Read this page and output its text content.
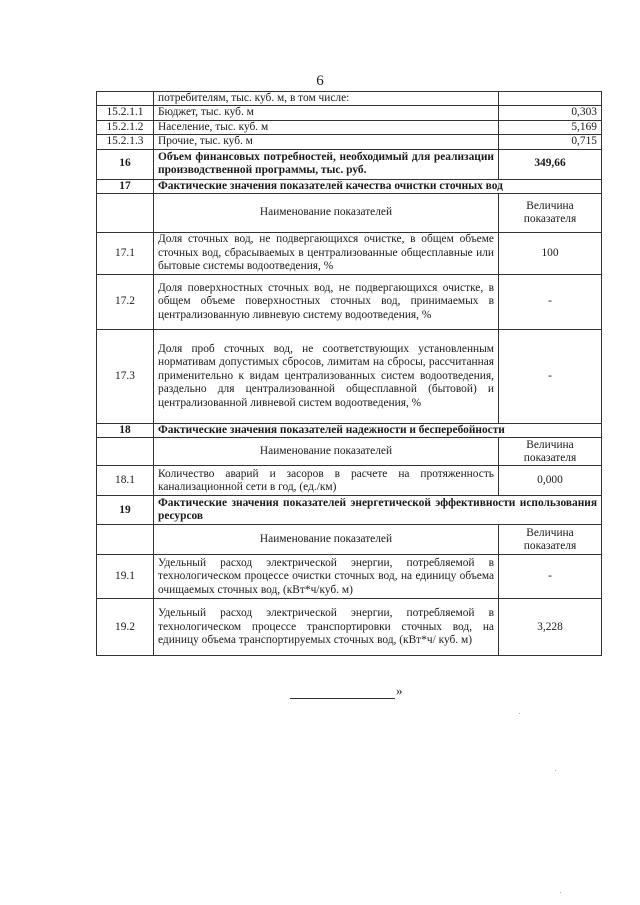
6
	потребителям, тыс. куб. м, в том числе:	
15.2.1.1	Бюджет, тыс. куб. м	0,303
15.2.1.2	Население, тыс. куб. м	5,169
15.2.1.3	Прочие, тыс. куб. м	0,715
16	Объем финансовых потребностей, необходимый для реализации производственной программы, тыс. руб.	349,66
17	Фактические значения показателей качества очистки сточных вод	
	Наименование показателей	Величина показателя
17.1	Доля сточных вод, не подвергающихся очистке, в общем объеме сточных вод, сбрасываемых в централизованные общесплавные или бытовые системы водоотведения, %	100
17.2	Доля поверхностных сточных вод, не подвергающихся очистке, в общем объеме поверхностных сточных вод, принимаемых в централизованную ливневую систему водоотведения, %	-
17.3	Доля проб сточных вод, не соответствующих установленным нормативам допустимых сбросов, лимитам на сбросы, рассчитанная применительно к видам централизованных систем водоотведения, раздельно для централизованной общесплавной (бытовой) и централизованной ливневой систем водоотведения, %	-
18	Фактические значения показателей надежности и бесперебойности	
	Наименование показателей	Величина показателя
18.1	Количество аварий и засоров в расчете на протяженность канализационной сети в год, (ед./км)	0,000
19	Фактические значения показателей энергетической эффективности использования ресурсов	
	Наименование показателей	Величина показателя
19.1	Удельный расход электрической энергии, потребляемой в технологическом процессе очистки сточных вод, на единицу объема очищаемых сточных вод, (кВт*ч/куб. м)	-
19.2	Удельный расход электрической энергии, потребляемой в технологическом процессе транспортировки сточных вод, на единицу объема транспортируемых сточных вод, (кВт*ч/ куб. м)	3,228
»
